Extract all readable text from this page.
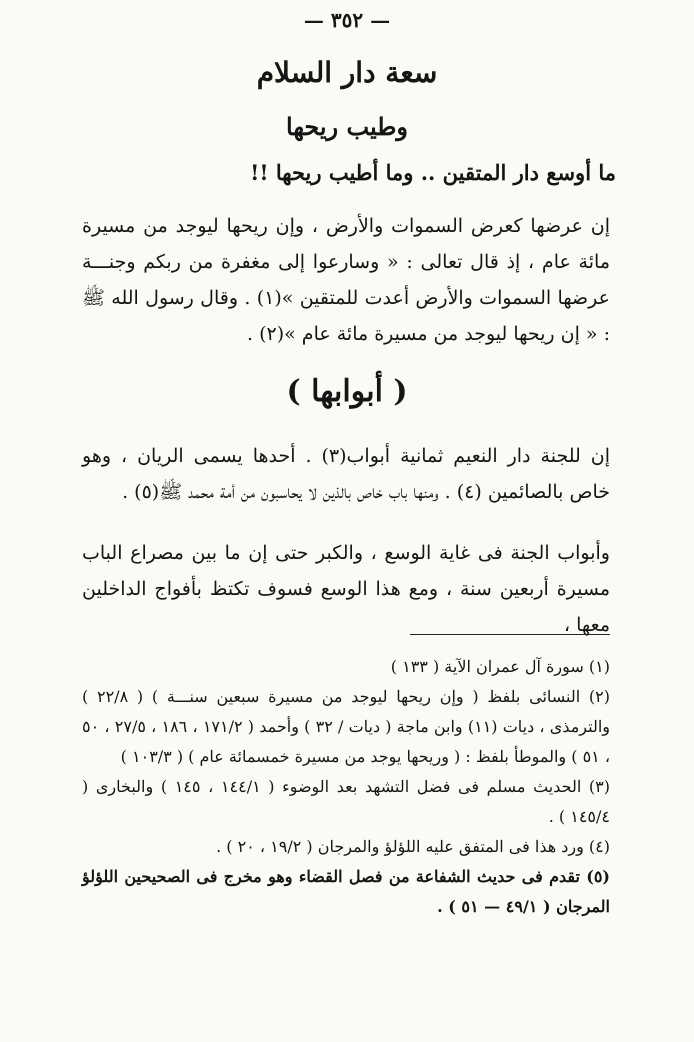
— ٣٥٢ —
سعة دار السلام
وطيب ريحها
ما أوسع دار المتقين .. وما أطيب ريحها !!
إن عرضها كعرض السموات والأرض ، وإن ريحها ليوجد من مسيرة مائة عام ، إذ قال تعالى : « وسارعوا إلى مغفرة من ربكم وجنـــة عرضها السموات والأرض أعدت للمتقين »(١) . وقال رسول الله ﷺ : « إن ريحها ليوجد من مسيرة مائة عام »(٢) .
( أبوابها )
إن للجنة دار النعيم ثمانية أبواب(٣) . أحدها يسمى الريان ، وهو خاص بالصائمين (٤) . ومنها باب خاص بالذين لا يحاسبون من أمة محمد ﷺ(٥) .
وأبواب الجنة فى غاية الوسع ، والكبر حتى إن ما بين مصراع الباب مسيرة أربعين سنة ، ومع هذا الوسع فسوف تكتظ بأفواج الداخلين معها ،
(١) سورة آل عمران الآية ( ١٣٣ )
(٢) النسائى بلفظ ( وإن ريحها ليوجد من مسيرة سبعين سنـــة ) ( ٢٢/٨ ) والترمذى ، ديات (١١) وابن ماجة ( ديات / ٣٢ ) وأحمد ( ١٧١/٢ ، ١٨٦ ، ٢٧/٥ ، ٥٠ ، ٥١ ) والموطأ بلفظ : ( وريحها يوجد من مسيرة خمسمائة عام ) ( ١٠٣/٣ )
(٣) الحديث مسلم فى فضل التشهد بعد الوضوء ( ١٤٤/١ ، ١٤٥ ) والبخارى ( ١٤٥/٤ ) .
(٤) ورد هذا فى المتفق عليه اللؤلؤ والمرجان ( ١٩/٢ ، ٢٠ ) .
(٥) تقدم فى حديث الشفاعة من فصل القضاء وهو مخرج فى الصحيحين اللؤلؤ المرجان ( ٤٩/١ — ٥١ ) .
